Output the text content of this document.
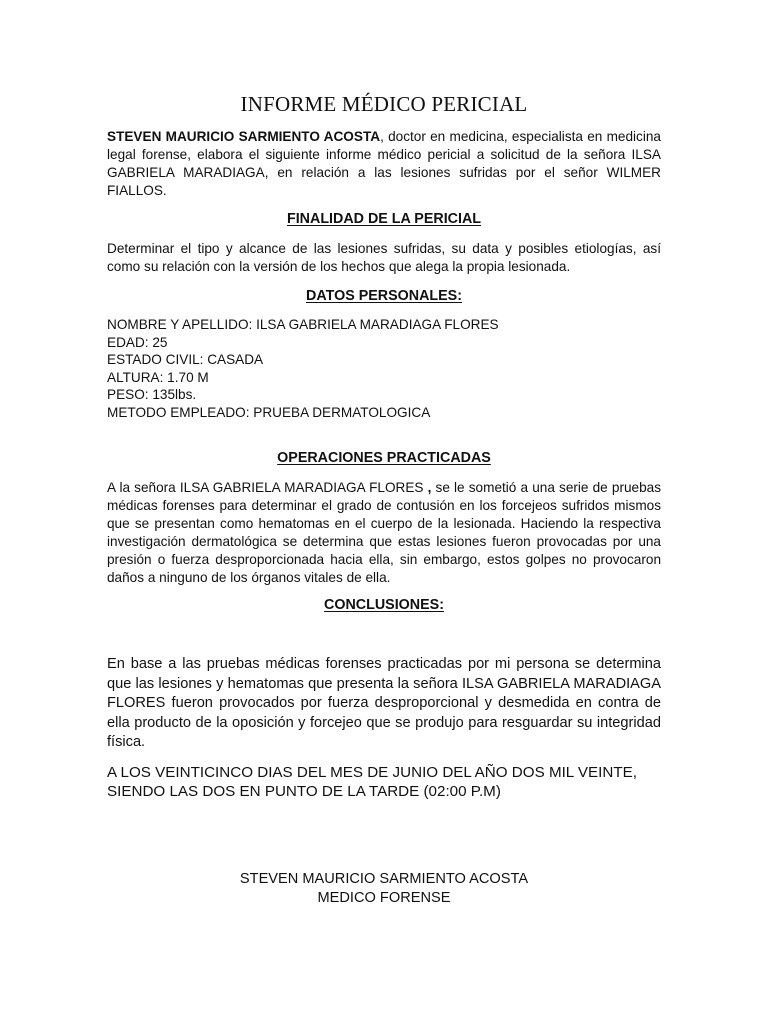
INFORME MÉDICO PERICIAL
STEVEN MAURICIO SARMIENTO ACOSTA, doctor en medicina, especialista en medicina legal forense, elabora el siguiente informe médico pericial a solicitud de la señora ILSA GABRIELA MARADIAGA, en relación a las lesiones sufridas por el señor WILMER FIALLOS.
FINALIDAD DE LA PERICIAL
Determinar el tipo y alcance de las lesiones sufridas, su data y posibles etiologías, así como su relación con la versión de los hechos que alega la propia lesionada.
DATOS PERSONALES:
NOMBRE Y APELLIDO: ILSA GABRIELA MARADIAGA FLORES
EDAD: 25
ESTADO CIVIL: CASADA
ALTURA: 1.70 M
PESO: 135lbs.
METODO EMPLEADO: PRUEBA DERMATOLOGICA
OPERACIONES PRACTICADAS
A la señora ILSA GABRIELA MARADIAGA FLORES , se le sometió a una serie de pruebas médicas forenses para determinar el grado de contusión en los forcejeos sufridos mismos que se presentan como hematomas en el cuerpo de la lesionada. Haciendo la respectiva investigación dermatológica se determina que estas lesiones fueron provocadas por una presión o fuerza desproporcionada hacia ella, sin embargo, estos golpes no provocaron daños a ninguno de los órganos vitales de ella.
CONCLUSIONES:
En base a las pruebas médicas forenses practicadas por mi persona se determina que las lesiones y hematomas que presenta la señora ILSA GABRIELA MARADIAGA FLORES fueron provocados por fuerza desproporcional y desmedida en contra de ella producto de la oposición y forcejeo que se produjo para resguardar su integridad física.
A LOS VEINTICINCO DIAS DEL MES DE JUNIO DEL AÑO DOS MIL VEINTE, SIENDO LAS DOS EN PUNTO DE LA TARDE (02:00 P.M)
STEVEN MAURICIO SARMIENTO ACOSTA
MEDICO FORENSE
